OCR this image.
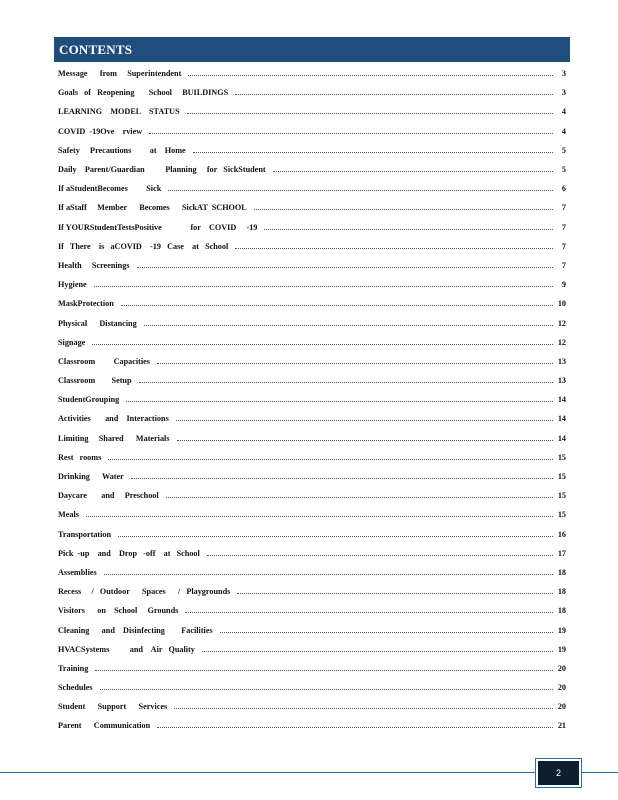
CONTENTS
Message      from     Superintendent	3
Goals   of   Reopening       School     BUILDINGS	3
LEARNING    MODEL    STATUS	4
COVID  -19Ove    rview	4
Safety     Precautions         at    Home	5
Daily    Parent/Guardian          Planning     for   SickStudent	5
If aStudentBecomes         Sick	6
If aStaff     Member      Becomes      SickAT  SCHOOL	7
If YOURStudentTestsPositive              for    COVID     -19	7
If   There    is   aCOVID    -19   Case    at   School	7
Health     Screenings	7
Hygiene	9
MaskProtection	10
Physical      Distancing	12
Signage	12
Classroom         Capacities	13
Classroom        Setup	13
StudentGrouping	14
Activities       and    Interactions	14
Limiting     Shared      Materials	14
Rest   rooms	15
Drinking      Water	15
Daycare       and     Preschool	15
Meals	15
Transportation	16
Pick  -up    and    Drop   -off    at   School	17
Assemblies	18
Recess     /   Outdoor      Spaces      /   Playgrounds	18
Visitors      on    School     Grounds	18
Cleaning      and    Disinfecting        Facilities	19
HVACSystems          and    Air   Quality	19
Training	20
Schedules	20
Student      Support      Services	20
Parent      Communication	21
2
